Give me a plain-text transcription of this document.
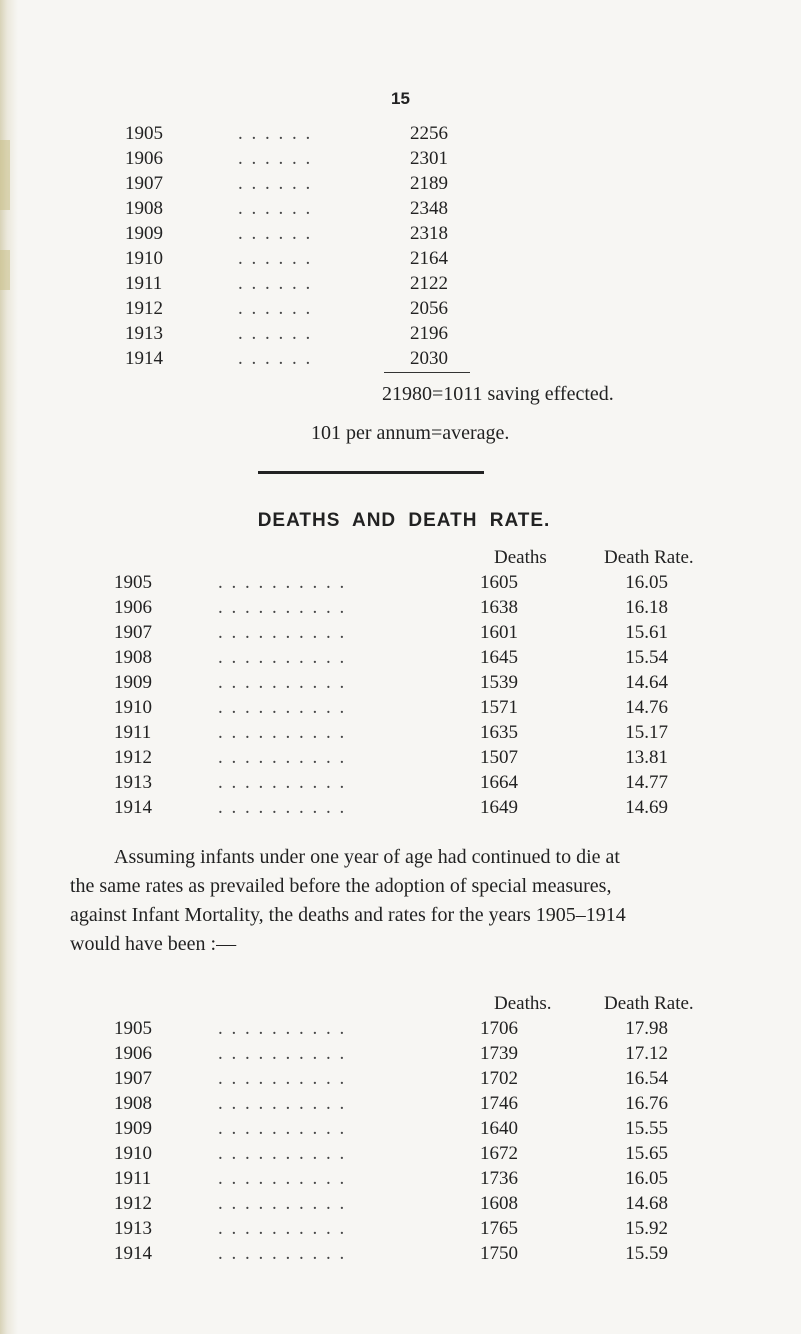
15
1905	. . . . . .	2256
1906	. . . . . .	2301
1907	. . . . . .	2189
1908	. . . . . .	2348
1909	. . . . . .	2318
1910	. . . . . .	2164
1911	. . . . . .	2122
1912	. . . . . .	2056
1913	. . . . . .	2196
1914	. . . . . .	2030
21980=1011 saving effected.
101 per annum=average.
DEATHS AND DEATH RATE.
Deaths	Death Rate.
1905	. . . . . . . . . .	1605	16.05
1906	. . . . . . . . . .	1638	16.18
1907	. . . . . . . . . .	1601	15.61
1908	. . . . . . . . . .	1645	15.54
1909	. . . . . . . . . .	1539	14.64
1910	. . . . . . . . . .	1571	14.76
1911	. . . . . . . . . .	1635	15.17
1912	. . . . . . . . . .	1507	13.81
1913	. . . . . . . . . .	1664	14.77
1914	. . . . . . . . . .	1649	14.69
Assuming infants under one year of age had continued to die at
the same rates as prevailed before the adoption of special measures,
against Infant Mortality, the deaths and rates for the years 1905–1914
would have been :—
Deaths.	Death Rate.
1905	. . . . . . . . . .	1706	17.98
1906	. . . . . . . . . .	1739	17.12
1907	. . . . . . . . . .	1702	16.54
1908	. . . . . . . . . .	1746	16.76
1909	. . . . . . . . . .	1640	15.55
1910	. . . . . . . . . .	1672	15.65
1911	. . . . . . . . . .	1736	16.05
1912	. . . . . . . . . .	1608	14.68
1913	. . . . . . . . . .	1765	15.92
1914	. . . . . . . . . .	1750	15.59
